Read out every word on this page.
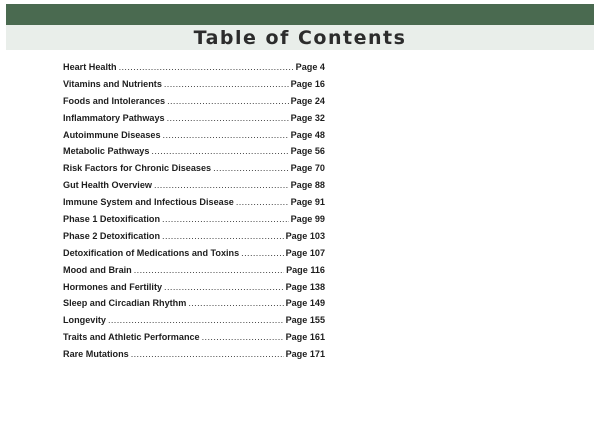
Table of Contents
Heart Health .....	Page 4
Vitamins and Nutrients .....	Page 16
Foods and Intolerances .....	Page 24
Inflammatory Pathways .....	Page 32
Autoimmune Diseases .....	Page 48
Metabolic Pathways .....	Page 56
Risk Factors for Chronic Diseases .....	Page 70
Gut Health Overview .....	Page 88
Immune System and Infectious Disease .....	Page 91
Phase 1 Detoxification .....	Page 99
Phase 2 Detoxification .....	Page 103
Detoxification of Medications and Toxins .....	Page 107
Mood and Brain .....	Page 116
Hormones and Fertility .....	Page 138
Sleep and Circadian Rhythm .....	Page 149
Longevity .....	Page 155
Traits and Athletic Performance .....	Page 161
Rare Mutations .....	Page 171
